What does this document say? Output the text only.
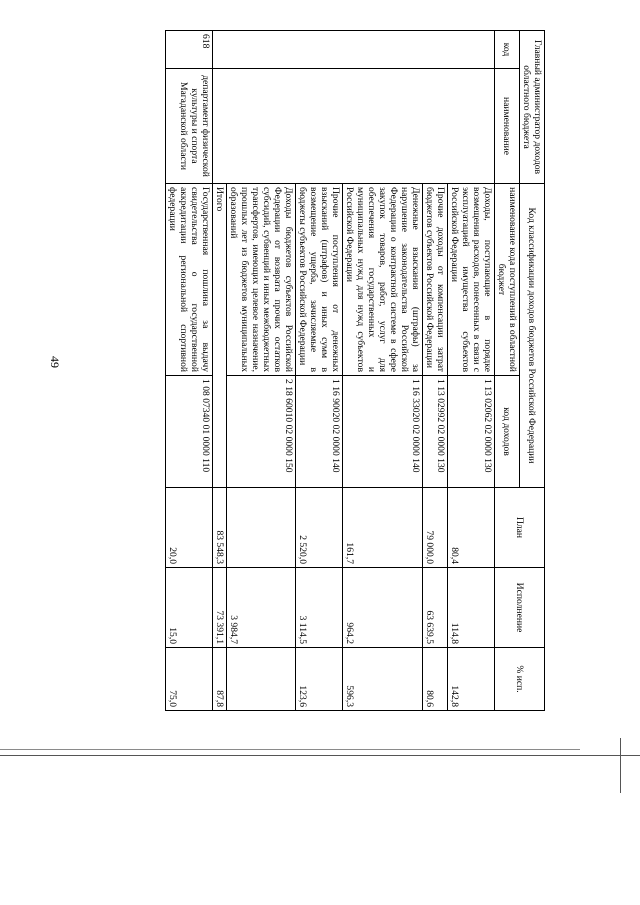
49
Главный администратор доходов областного бюджета		Код классификации доходов бюджетов Российской Федерации		План	Исполнение	% исп.
код	наименование	наименование кода поступлений в областной бюджет	код доходов			
		Доходы, поступающие в порядке возмещения расходов, понесенных в связи с эксплуатацией имущества субъектов Российской Федерации	1 13 02062 02 0000 130	80,4	114,8	142,8
		Прочие доходы от компенсации затрат бюджетов субъектов Российской Федерации	1 13 02992 02 0000 130	79 000,0	63 639,5	80,6
		Денежные взыскания (штрафы) за нарушение законодательства Российской Федерации о контрактной системе в сфере закупок товаров, работ, услуг для обеспечения государственных и муниципальных нужд для нужд субъектов Российской Федерации	1 16 33020 02 0000 140	161,7	964,2	596,3
		Прочие поступления от денежных взысканий (штрафов) и иных сумм в возмещение ущерба, зачисляемые в бюджеты субъектов Российской Федерации	1 16 90020 02 0000 140	2 520,0	3 114,5	123,6
		Доходы бюджетов субъектов Российской Федерации от возврата прочих остатков субсидий, субвенций и иных межбюджетных трансфертов, имеющих целевое назначение, прошлых лет из бюджетов муниципальных образований	2 18 60010 02 0000 150		3 984,7	
		Итого		83 548,3	73 391,1	87,8
618	департамент физической культуры и спорта Магаданской области	Государственная пошлина за выдачу свидетельства о государственной аккредитации региональной спортивной федерации	1 08 07340 01 0000 110	20,0	15,0	75,0
